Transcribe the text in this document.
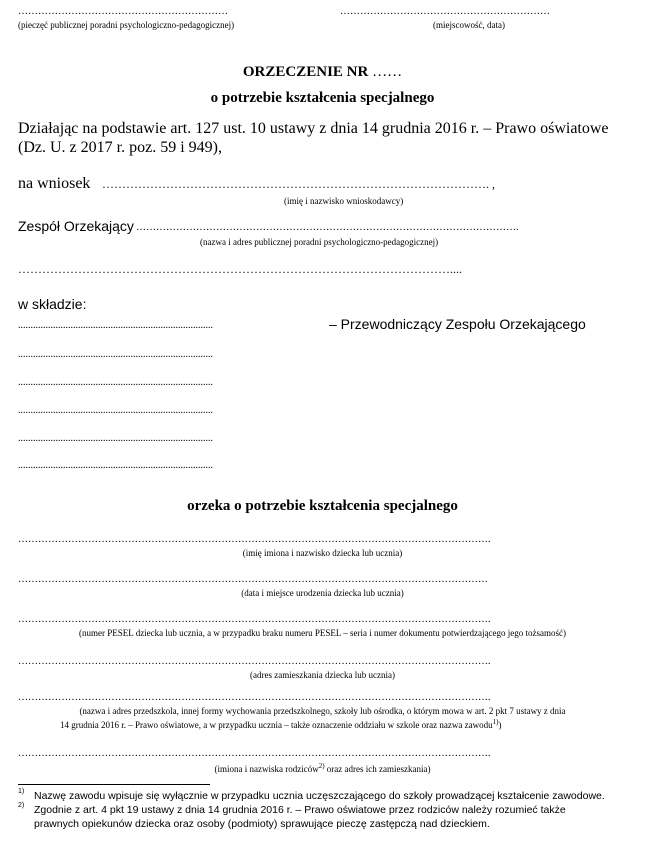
………………………………………………………
(pieczęć publicznej poradni psychologiczno-pedagogicznej)
………………………………………………………
(miejscowość, data)
ORZECZENIE NR ……
o potrzebie kształcenia specjalnego
Działając na podstawie art. 127 ust. 10 ustawy z dnia 14 grudnia 2016 r. – Prawo oświatowe
(Dz. U. z 2017 r. poz. 59 i 949),
na wniosek ……………………………………………………………………………………. ,
(imię i nazwisko wnioskodawcy)
Zespół Orzekający …………………………………………………………………………………………………….
(nazwa i adres publicznej poradni psychologiczno-pedagogicznej)
………………………………………………………………………………………………....
w składzie:
..............................................................................	– Przewodniczący Zespołu Orzekającego
..............................................................................
..............................................................................
..............................................................................
..............................................................................
..............................................................................
orzeka o potrzebie kształcenia specjalnego
…………………………………………………………………………………………………………………………….
(imię imiona i nazwisko dziecka lub ucznia)
……………………………………………………………………………………………………………………………
(data i miejsce urodzenia dziecka lub ucznia)
…………………………………………………………………………………………………………………………….
(numer PESEL dziecka lub ucznia, a w przypadku braku numeru PESEL – seria i numer dokumentu potwierdzającego jego tożsamość)
…………………………………………………………………………………………………………………………….
(adres zamieszkania dziecka lub ucznia)
…………………………………………………………………………………………………………………………….
(nazwa i adres przedszkola, innej formy wychowania przedszkolnego, szkoły lub ośrodka, o którym mowa w art. 2 pkt 7 ustawy z dnia
14 grudnia 2016 r. – Prawo oświatowe, a w przypadku ucznia – także oznaczenie oddziału w szkole oraz nazwa zawodu$^{1)}$)
…………………………………………………………………………………………………………………………….
(imiona i nazwiska rodziców$^{2)}$ oraz adres ich zamieszkania)
1) Nazwę zawodu wpisuje się wyłącznie w przypadku ucznia uczęszczającego do szkoły prowadzącej kształcenie zawodowe.
2) Zgodnie z art. 4 pkt 19 ustawy z dnia 14 grudnia 2016 r. – Prawo oświatowe przez rodziców należy rozumieć także
prawnych opiekunów dziecka oraz osoby (podmioty) sprawujące pieczę zastępczą nad dzieckiem.
